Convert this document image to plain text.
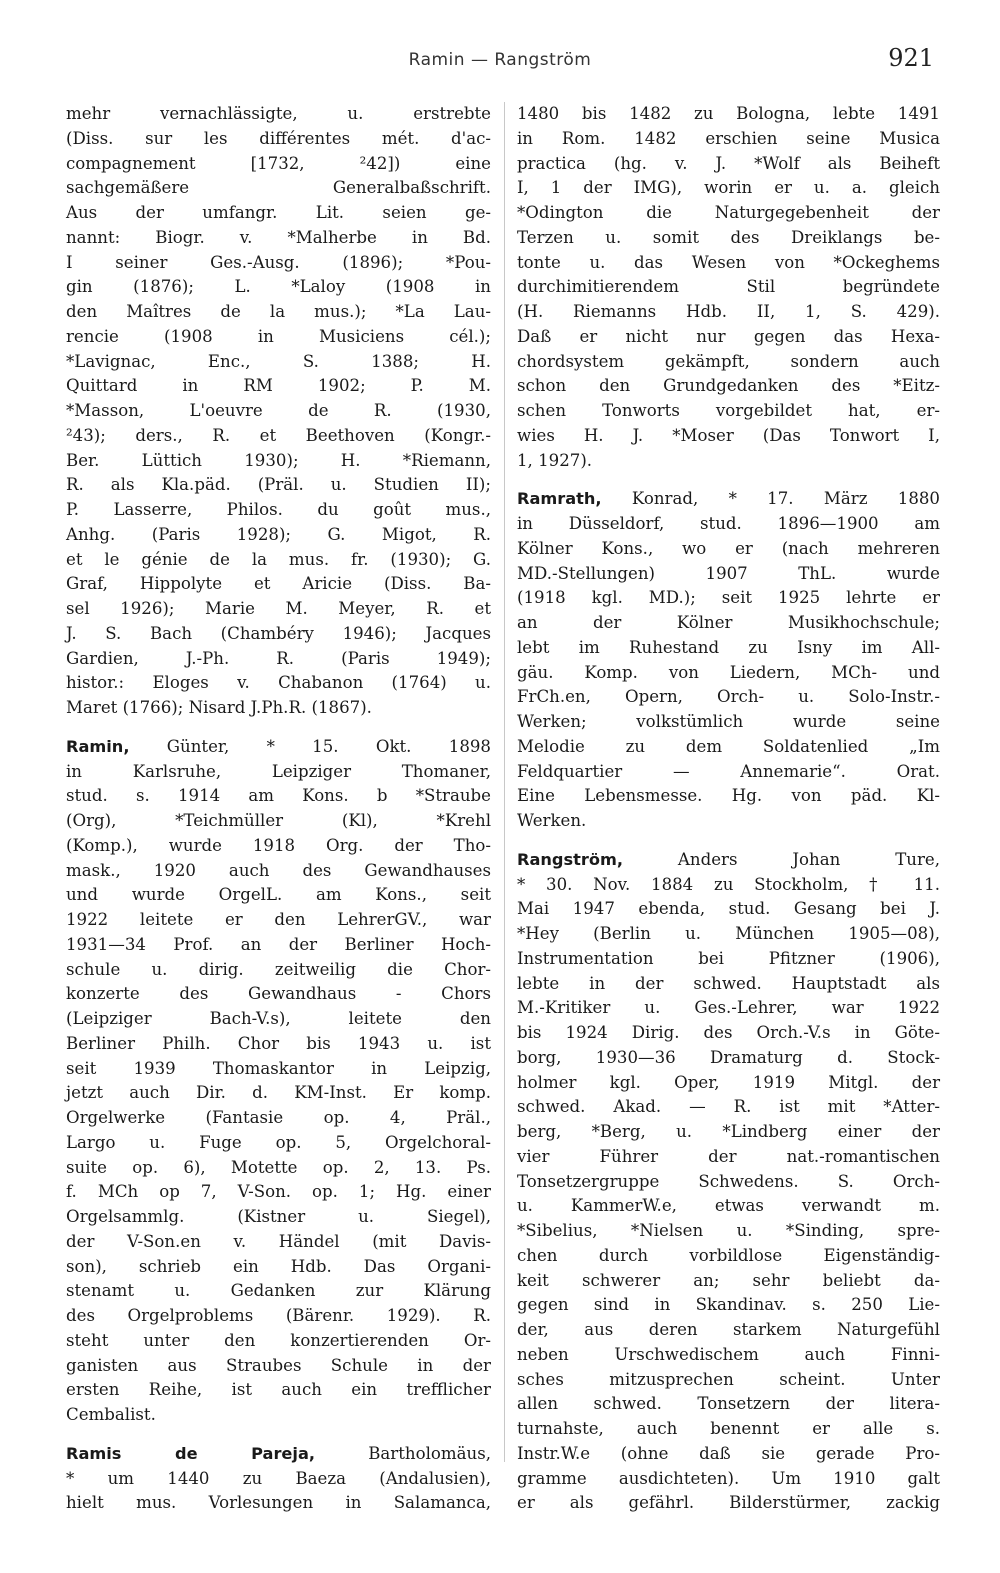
Ramin — Rangström	921

mehr vernachlässigte, u. erstrebte
(Diss. sur les différentes mét. d'ac-
compagnement [1732, ²42]) eine
sachgemäßere Generalbaßschrift.
Aus der umfangr. Lit. seien ge-
nannt: Biogr. v. *Malherbe in Bd.
I seiner Ges.-Ausg. (1896); *Pou-
gin (1876); L. *Laloy (1908 in
den Maîtres de la mus.); *La Lau-
rencie (1908 in Musiciens cél.);
*Lavignac, Enc., S. 1388; H.
Quittard in RM 1902; P. M.
*Masson, L'oeuvre de R. (1930,
²43); ders., R. et Beethoven (Kongr.-
Ber. Lüttich 1930); H. *Riemann,
R. als Kla.päd. (Präl. u. Studien II);
P. Lasserre, Philos. du goût mus.,
Anhg. (Paris 1928); G. Migot, R.
et le génie de la mus. fr. (1930); G.
Graf, Hippolyte et Aricie (Diss. Ba-
sel 1926); Marie M. Meyer, R. et
J. S. Bach (Chambéry 1946); Jacques
Gardien, J.-Ph. R. (Paris 1949);
histor.: Eloges v. Chabanon (1764) u.
Maret (1766); Nisard J.Ph.R. (1867).

Ramin, Günter, * 15. Okt. 1898
in Karlsruhe, Leipziger Thomaner,
stud. s. 1914 am Kons. b *Straube
(Org), *Teichmüller (Kl), *Krehl
(Komp.), wurde 1918 Org. der Tho-
mask., 1920 auch des Gewandhauses
und wurde OrgelL. am Kons., seit
1922 leitete er den LehrerGV., war
1931—34 Prof. an der Berliner Hoch-
schule u. dirig. zeitweilig die Chor-
konzerte des Gewandhaus - Chors
(Leipziger Bach-V.s), leitete den
Berliner Philh. Chor bis 1943 u. ist
seit 1939 Thomaskantor in Leipzig,
jetzt auch Dir. d. KM-Inst. Er komp.
Orgelwerke (Fantasie op. 4, Präl.,
Largo u. Fuge op. 5, Orgelchoral-
suite op. 6), Motette op. 2, 13. Ps.
f. MCh op 7, V-Son. op. 1; Hg. einer
Orgelsammlg. (Kistner u. Siegel),
der V-Son.en v. Händel (mit Davis-
son), schrieb ein Hdb. Das Organi-
stenamt u. Gedanken zur Klärung
des Orgelproblems (Bärenr. 1929). R.
steht unter den konzertierenden Or-
ganisten aus Straubes Schule in der
ersten Reihe, ist auch ein trefflicher
Cembalist.

Ramis de Pareja,	Bartholomäus,
* um 1440 zu Baeza (Andalusien),
hielt mus. Vorlesungen in Salamanca,

1480 bis 1482 zu Bologna, lebte 1491
in Rom. 1482 erschien seine Musica
practica (hg. v. J. *Wolf als Beiheft
I, 1 der IMG), worin er u. a. gleich
*Odington die Naturgegebenheit der
Terzen u. somit des Dreiklangs be-
tonte u. das Wesen von *Ockeghems
durchimitierendem Stil begründete
(H. Riemanns Hdb. II, 1, S. 429).
Daß er nicht nur gegen das Hexa-
chordsystem gekämpft, sondern auch
schon den Grundgedanken des *Eitz-
schen Tonworts vorgebildet hat, er-
wies H. J. *Moser (Das Tonwort I,
1, 1927).

Ramrath, Konrad, * 17. März 1880
in Düsseldorf, stud. 1896—1900 am
Kölner Kons., wo er (nach mehreren
MD.-Stellungen) 1907 ThL. wurde
(1918 kgl. MD.); seit 1925 lehrte er
an der Kölner Musikhochschule;
lebt im Ruhestand zu Isny im All-
gäu. Komp. von Liedern, MCh- und
FrCh.en, Opern, Orch- u. Solo-Instr.-
Werken; volkstümlich wurde seine
Melodie zu dem Soldatenlied „Im
Feldquartier — Annemarie“. Orat.
Eine Lebensmesse. Hg. von päd. Kl-
Werken.

Rangström,	Anders Johan Ture,
* 30. Nov. 1884 zu Stockholm, † 11.
Mai 1947 ebenda, stud. Gesang bei J.
*Hey (Berlin u. München 1905—08),
Instrumentation bei Pfitzner (1906),
lebte in der schwed. Hauptstadt als
M.-Kritiker u. Ges.-Lehrer, war 1922
bis 1924 Dirig. des Orch.-V.s in Göte-
borg, 1930—36 Dramaturg d. Stock-
holmer kgl. Oper, 1919 Mitgl. der
schwed. Akad. — R. ist mit *Atter-
berg, *Berg, u. *Lindberg einer der
vier Führer der nat.-romantischen
Tonsetzergruppe Schwedens. S. Orch-
u. KammerW.e, etwas verwandt m.
*Sibelius, *Nielsen u. *Sinding, spre-
chen durch vorbildlose Eigenständig-
keit schwerer an; sehr beliebt da-
gegen sind in Skandinav. s. 250 Lie-
der, aus deren starkem Naturgefühl
neben Urschwedischem auch Finni-
sches mitzusprechen scheint. Unter
allen schwed. Tonsetzern der litera-
turnahste, auch benennt er alle s.
Instr.W.e (ohne daß sie gerade Pro-
gramme ausdichteten). Um 1910 galt
er als gefährl. Bilderstürmer, zackig
